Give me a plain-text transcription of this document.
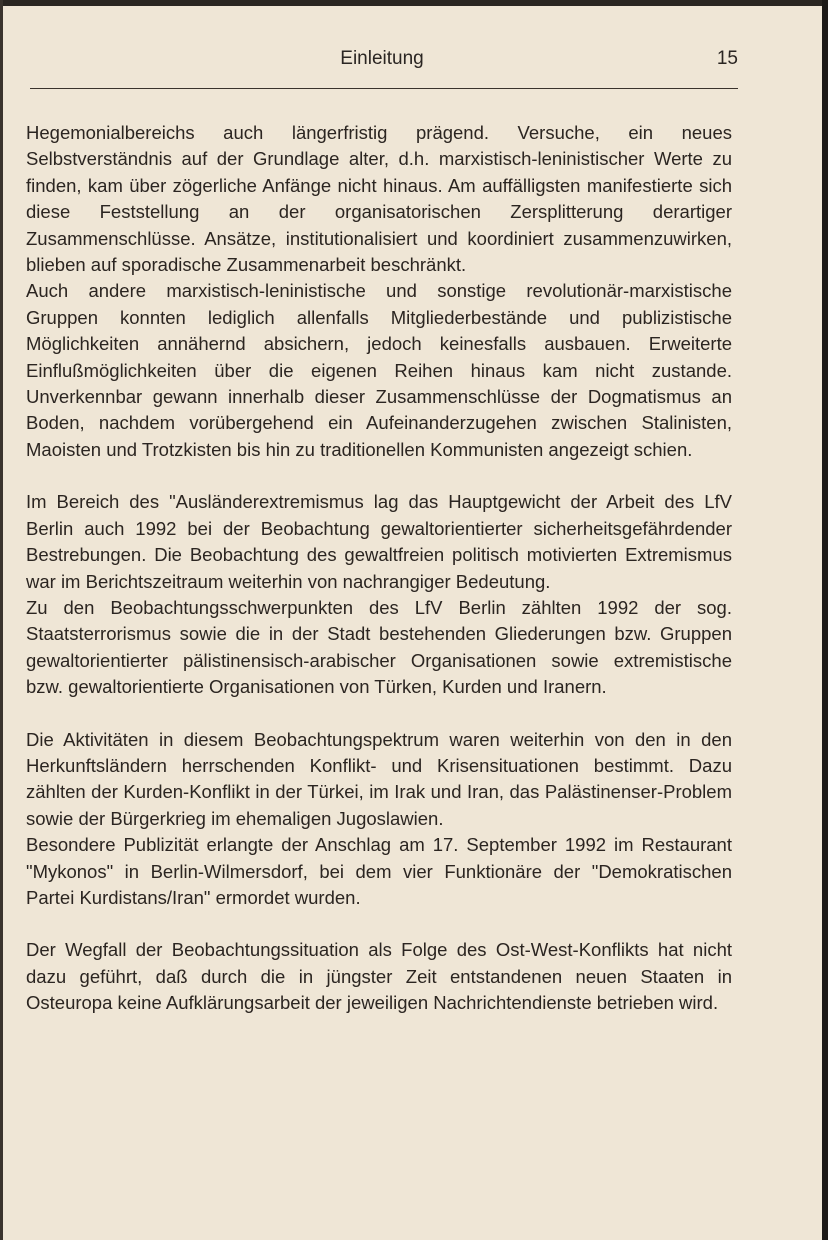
Einleitung	15

Hegemonialbereichs auch längerfristig prägend. Versuche, ein neues Selbstverständnis auf der Grundlage alter, d.h. marxistisch-leninistischer Werte zu finden, kam über zögerliche Anfänge nicht hinaus. Am auffälligsten manifestierte sich diese Feststellung an der organisatorischen Zersplitterung derartiger Zusammenschlüsse. Ansätze, institutionalisiert und koordiniert zusammenzuwirken, blieben auf sporadische Zusammenarbeit beschränkt.

Auch andere marxistisch-leninistische und sonstige revolutionär-marxistische Gruppen konnten lediglich allenfalls Mitgliederbestände und publizistische Möglichkeiten annähernd absichern, jedoch keinesfalls ausbauen. Erweiterte Einflußmöglichkeiten über die eigenen Reihen hinaus kam nicht zustande. Unverkennbar gewann innerhalb dieser Zusammenschlüsse der Dogmatismus an Boden, nachdem vorübergehend ein Aufeinanderzugehen zwischen Stalinisten, Maoisten und Trotzkisten bis hin zu traditionellen Kommunisten angezeigt schien.

Im Bereich des "Ausländerextremismus lag das Hauptgewicht der Arbeit des LfV Berlin auch 1992 bei der Beobachtung gewaltorientierter sicherheitsgefährdender Bestrebungen. Die Beobachtung des gewaltfreien politisch motivierten Extremismus war im Berichtszeitraum weiterhin von nachrangiger Bedeutung.

Zu den Beobachtungsschwerpunkten des LfV Berlin zählten 1992 der sog. Staatsterrorismus sowie die in der Stadt bestehenden Gliederungen bzw. Gruppen gewaltorientierter pälistinensisch-arabischer Organisationen sowie extremistische bzw. gewaltorientierte Organisationen von Türken, Kurden und Iranern.

Die Aktivitäten in diesem Beobachtungspektrum waren weiterhin von den in den Herkunftsländern herrschenden Konflikt- und Krisensituationen bestimmt. Dazu zählten der Kurden-Konflikt in der Türkei, im Irak und Iran, das Palästinenser-Problem sowie der Bürgerkrieg im ehemaligen Jugoslawien.

Besondere Publizität erlangte der Anschlag am 17. September 1992 im Restaurant "Mykonos" in Berlin-Wilmersdorf, bei dem vier Funktionäre der "Demokratischen Partei Kurdistans/Iran" ermordet wurden.

Der Wegfall der Beobachtungssituation als Folge des Ost-West-Konflikts hat nicht dazu geführt, daß durch die in jüngster Zeit entstandenen neuen Staaten in Osteuropa keine Aufklärungsarbeit der jeweiligen Nachrichtendienste betrieben wird.
